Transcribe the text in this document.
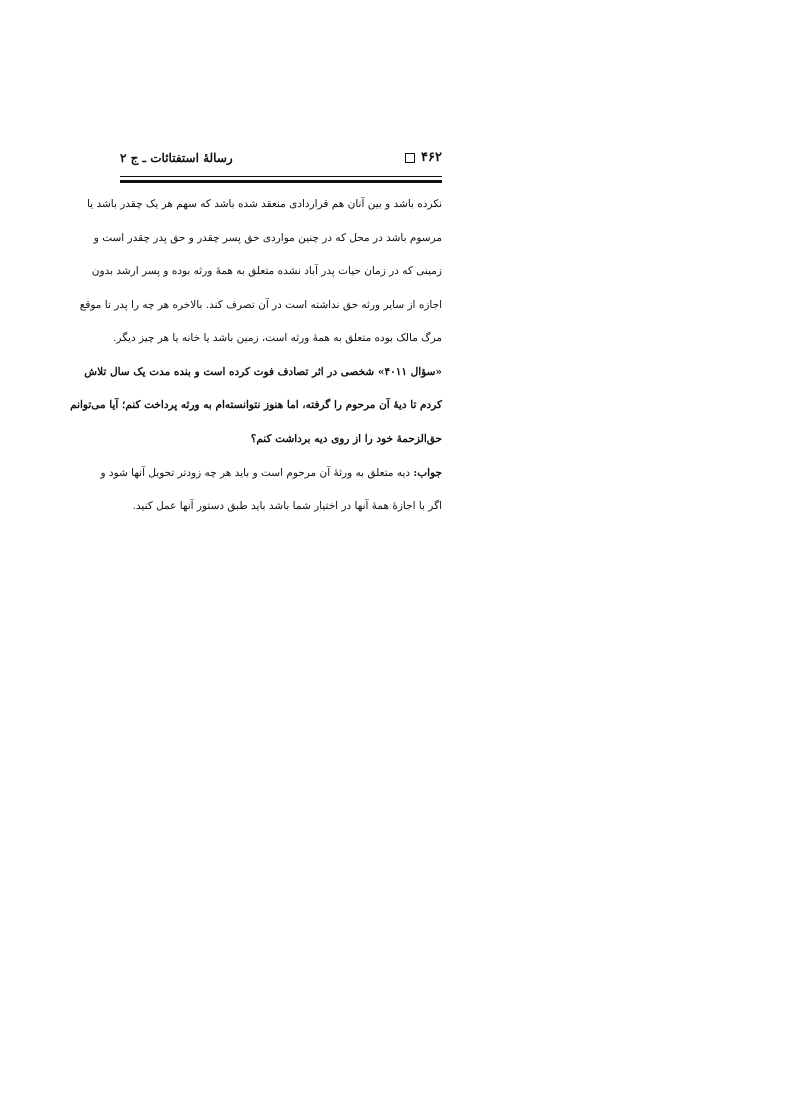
۴۶۲
رسالهٔ استفتائات ـ ج ۲
نکرده باشد و بین آنان هم قراردادی منعقد شده باشد که سهم هر یک چقدر باشد یا
مرسوم باشد در محل که در چنین مواردی حق پسر چقدر و حق پدر چقدر است و
زمینی که در زمان حیات پدر آباد نشده متعلق به همهٔ ورثه بوده و پسر ارشد بدون
اجازه از سایر ورثه حق نداشته است در آن تصرف کند. بالاخره هر چه را پدر تا موقع
مرگ مالک بوده متعلق به همهٔ ورثه است، زمین باشد یا خانه یا هر چیز دیگر.
«سؤال ۴۰۱۱» شخصی در اثر تصادف فوت کرده است و بنده مدت یک سال تلاش
کردم تا دیهٔ آن مرحوم را گرفته، اما هنوز نتوانسته‌ام به ورثه پرداخت کنم؛ آیا می‌توانم
حق‌الزحمهٔ خود را از روی دیه برداشت کنم؟
جواب: دیه متعلق به ورثهٔ آن مرحوم است و باید هر چه زودتر تحویل آنها شود و
اگر با اجازهٔ همهٔ آنها در اختیار شما باشد باید طبق دستور آنها عمل کنید.
